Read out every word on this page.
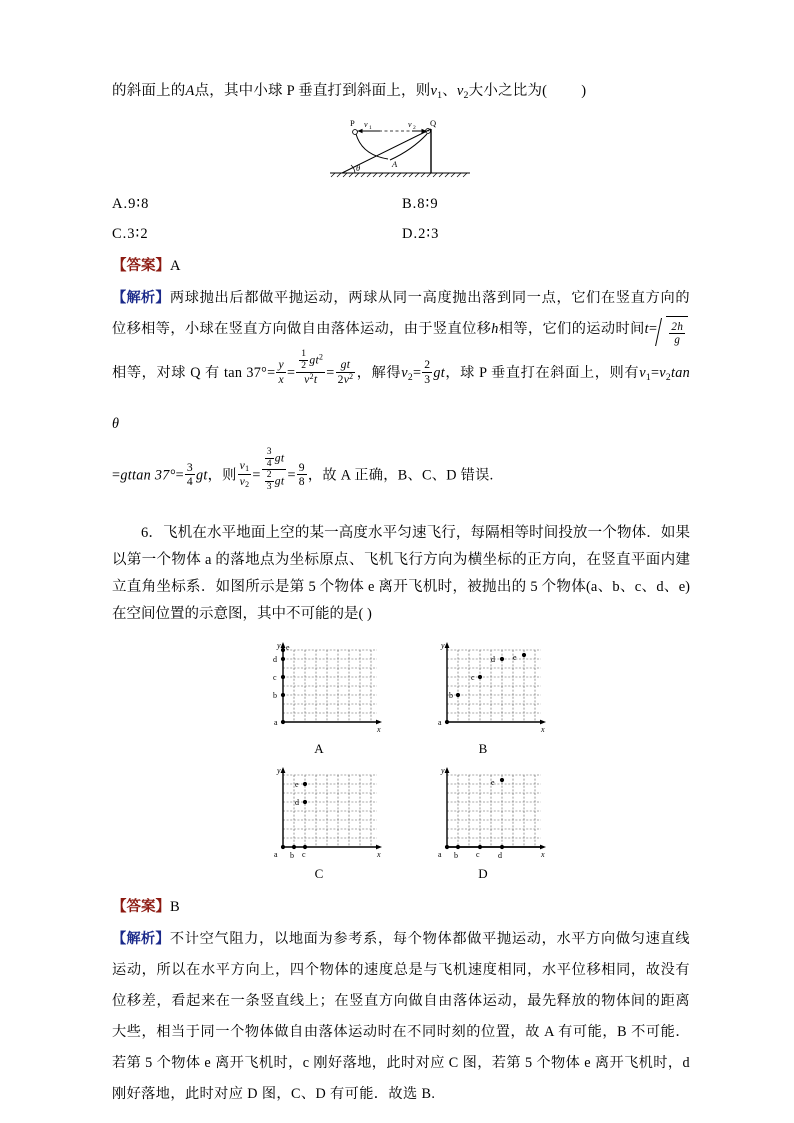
的斜面上的A点，其中小球 P 垂直打到斜面上，则$v_1$、$v_2$大小之比为( )
P	Q
v 1	v 2
A
θ
A.9∶8	B.8∶9
C.3∶2	D.2∶3
【答案】A
【解析】两球抛出后都做平抛运动，两球从同一高度抛出落到同一点，它们在竖直方向的位移相等，小球在竖直方向做自由落体运动，由于竖直位移h相等，它们的运动时间$t= \frac{2h}{g}$
相等，对球 Q 有 $\tan 37^\circ= \frac{y}{x} = \frac{\frac{1}{2} gt^2}{v^2t} = \frac{gt}{2v^2}$ ，解得$v_2= \frac{2}{3}$ gt，球 P 垂直打在斜面上，则有$v_1=v_2\tan$ θ
=gttan $37^\circ= \frac{3}{4}$ gt，则 $\frac{v_1}{v_2} = \frac{\frac{3}{4} gt}{\frac{2}{3} gt} = \frac{9}{8}$ ，故 A 正确，B、C、D 错误.
6．飞机在水平地面上空的某一高度水平匀速飞行，每隔相等时间投放一个物体．如果以第一个物体 a 的落地点为坐标原点、飞机飞行方向为横坐标的正方向，在竖直平面内建立直角坐标系．如图所示是第 5 个物体 e 离开飞机时，被抛出的 5 个物体(a、b、c、d、e)在空间位置的示意图，其中不可能的是( )
y
x
a
b
c
d
e
A
y
x
a
b
c
d e
B
y
x
a b c
d
e
C
y
x
a b c d
e
D
【答案】B
【解析】不计空气阻力，以地面为参考系，每个物体都做平抛运动，水平方向做匀速直线运动，所以在水平方向上，四个物体的速度总是与飞机速度相同，水平位移相同，故没有位移差，看起来在一条竖直线上；在竖直方向做自由落体运动，最先释放的物体间的距离大些，相当于同一个物体做自由落体运动时在不同时刻的位置，故 A 有可能，B 不可能．若第 5 个物体 e 离开飞机时，c 刚好落地，此时对应 C 图，若第 5 个物体 e 离开飞机时，d 刚好落地，此时对应 D 图，C、D 有可能．故选 B.
